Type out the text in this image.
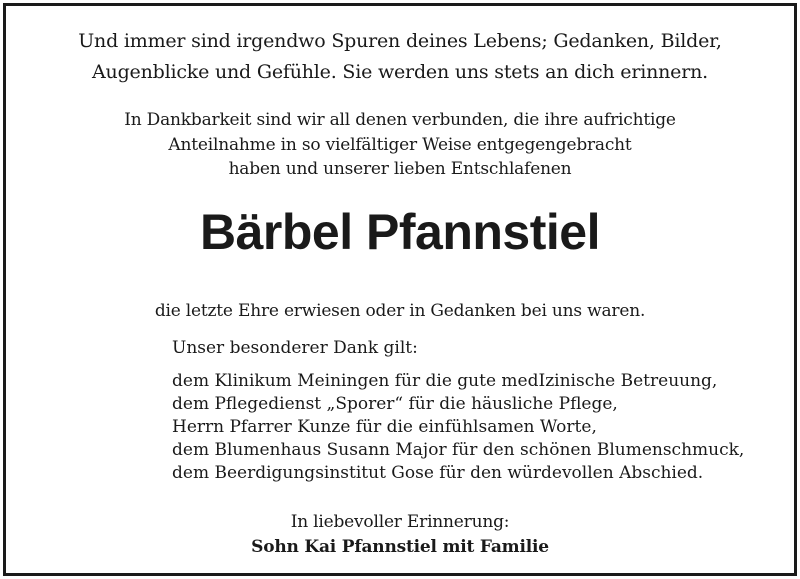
Und immer sind irgendwo Spuren deines Lebens; Gedanken, Bilder,
Augenblicke und Gefühle. Sie werden uns stets an dich erinnern.
In Dankbarkeit sind wir all denen verbunden, die ihre aufrichtige
Anteilnahme in so vielfältiger Weise entgegengebracht
haben und unserer lieben Entschlafenen
Bärbel Pfannstiel
die letzte Ehre erwiesen oder in Gedanken bei uns waren.
Unser besonderer Dank gilt:
dem Klinikum Meiningen für die gute medIzinische Betreuung,
dem Pflegedienst „Sporer“ für die häusliche Pflege,
Herrn Pfarrer Kunze für die einfühlsamen Worte,
dem Blumenhaus Susann Major für den schönen Blumenschmuck,
dem Beerdigungsinstitut Gose für den würdevollen Abschied.
In liebevoller Erinnerung:
Sohn Kai Pfannstiel mit Familie
